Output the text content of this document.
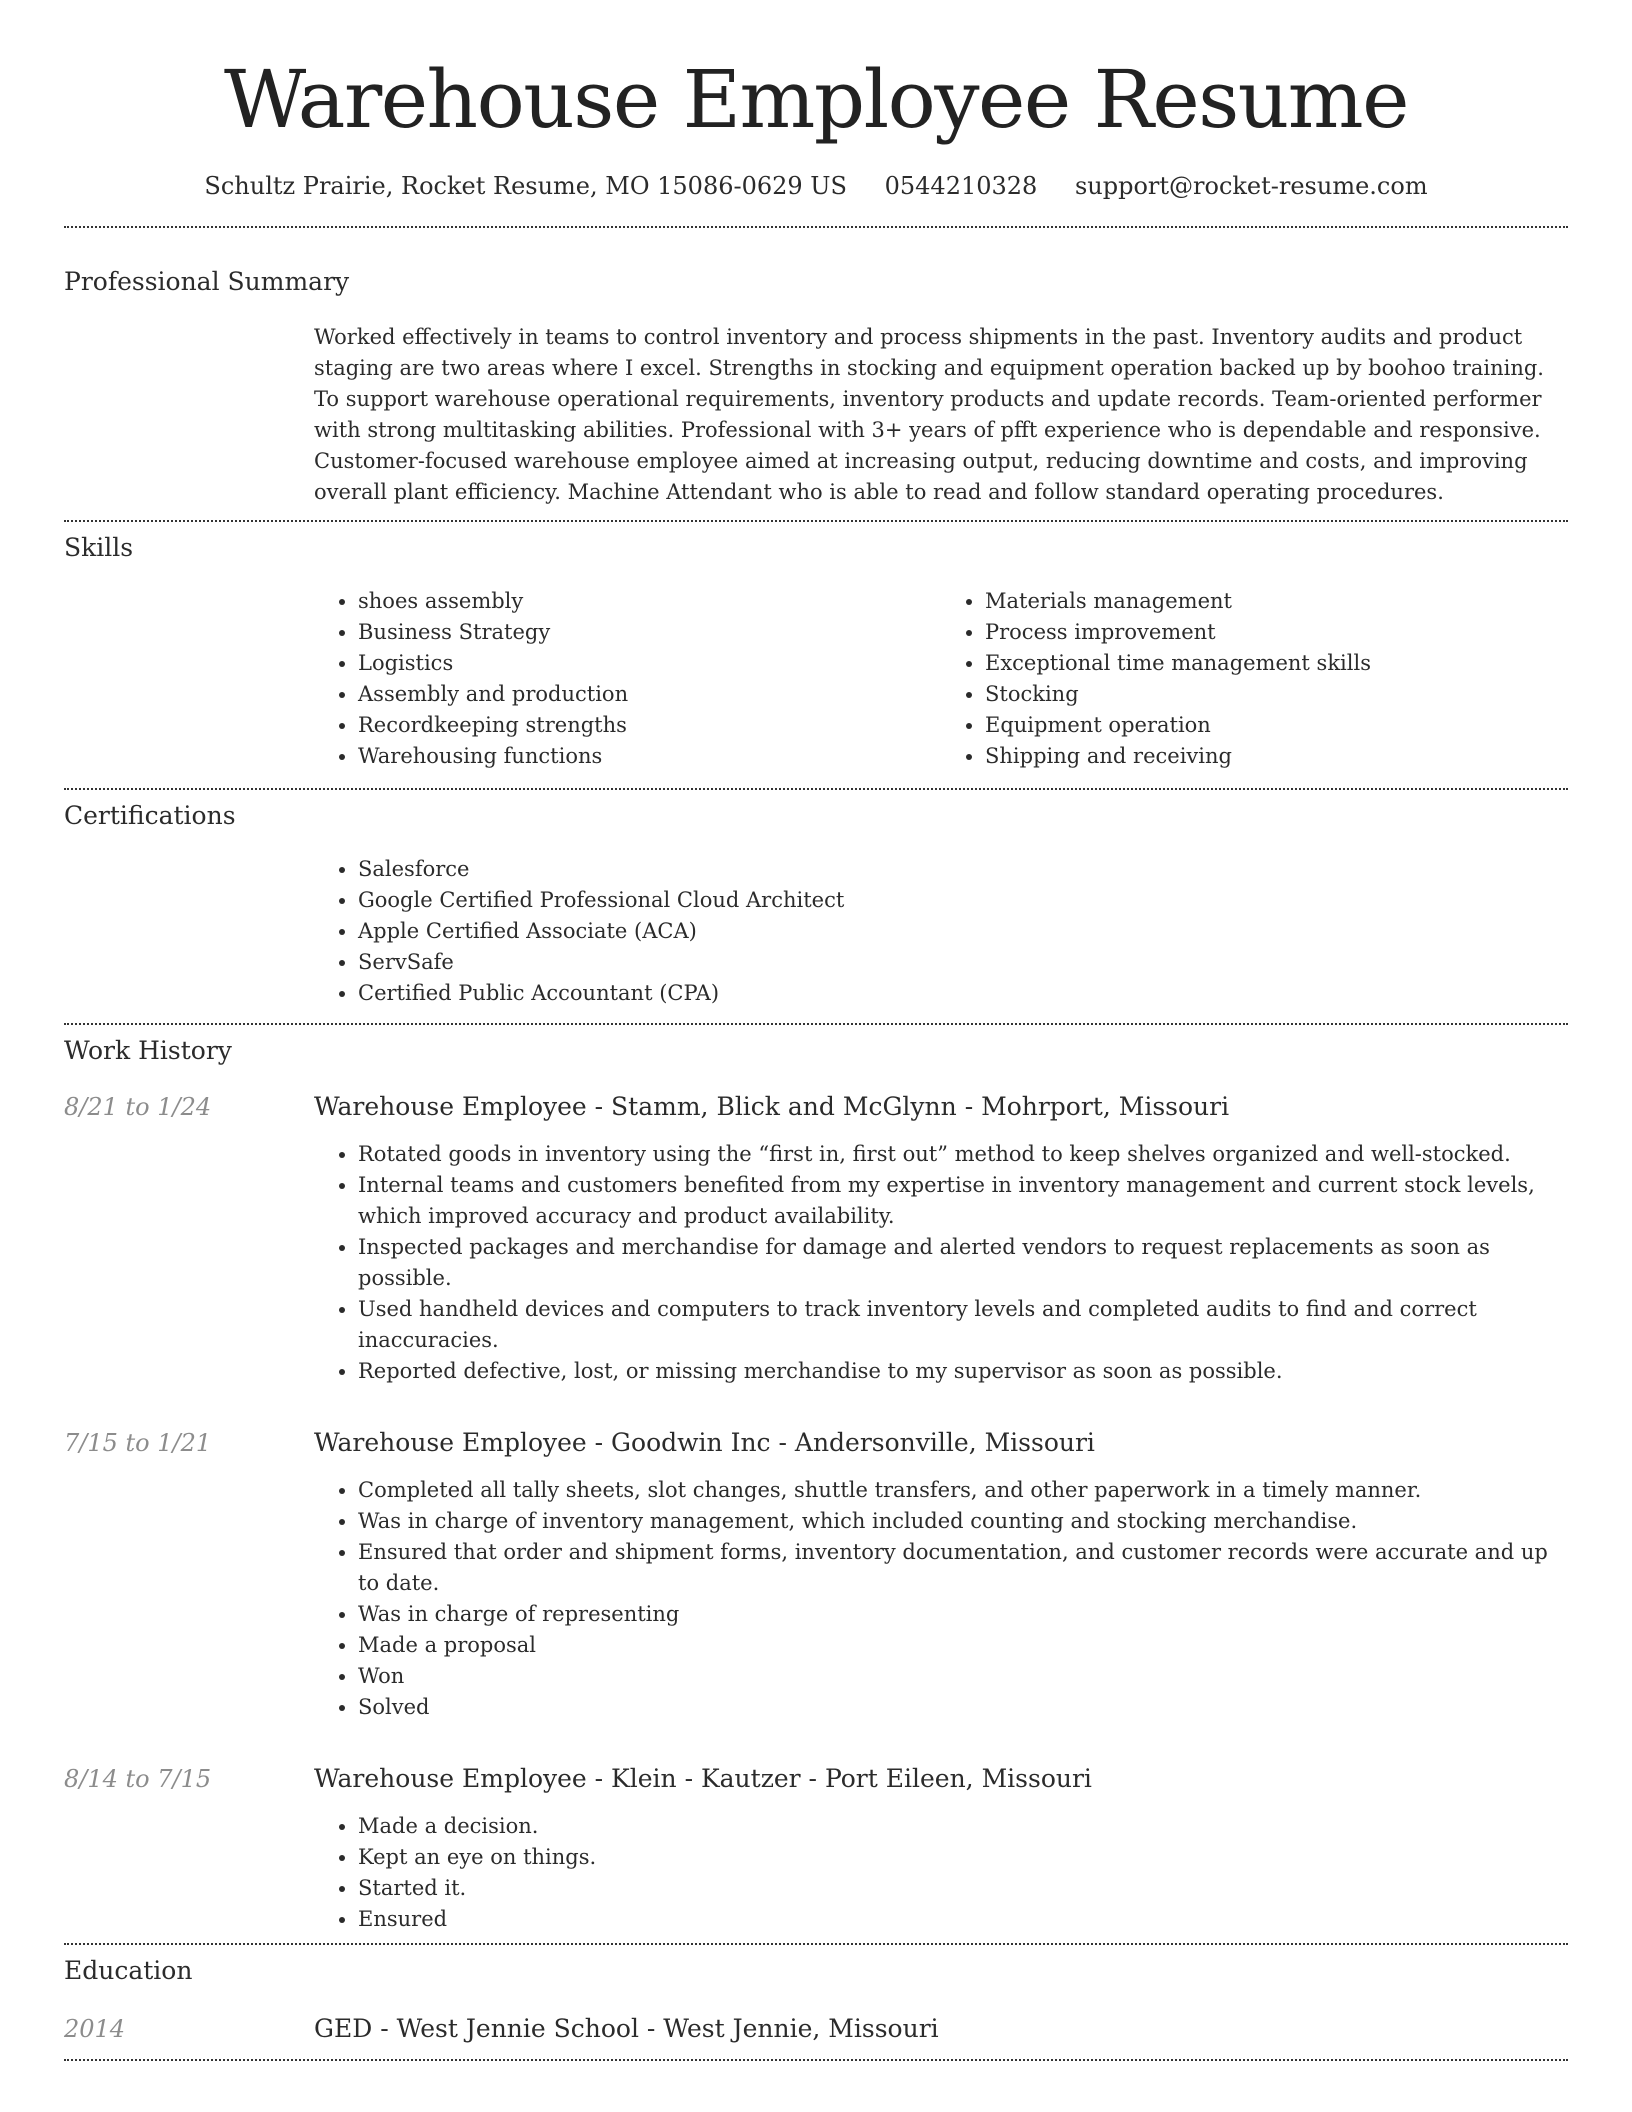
Warehouse Employee Resume
Schultz Prairie, Rocket Resume, MO 15086-0629 US 0544210328 support@rocket-resume.com
Professional Summary

Worked effectively in teams to control inventory and process shipments in the past. Inventory audits and product staging are two areas where I excel. Strengths in stocking and equipment operation backed up by boohoo training. To support warehouse operational requirements, inventory products and update records. Team-oriented performer with strong multitasking abilities. Professional with 3+ years of pfft experience who is dependable and responsive. Customer-focused warehouse employee aimed at increasing output, reducing downtime and costs, and improving overall plant efficiency. Machine Attendant who is able to read and follow standard operating procedures.

Skills
• shoes assembly
• Business Strategy
• Logistics
• Assembly and production
• Recordkeeping strengths
• Warehousing functions
• Materials management
• Process improvement
• Exceptional time management skills
• Stocking
• Equipment operation
• Shipping and receiving
Certifications
• Salesforce
• Google Certified Professional Cloud Architect
• Apple Certified Associate (ACA)
• ServSafe
• Certified Public Accountant (CPA)
Work History
8/21 to 1/24	Warehouse Employee - Stamm, Blick and McGlynn - Mohrport, Missouri
• Rotated goods in inventory using the “first in, first out” method to keep shelves organized and well-stocked.
• Internal teams and customers benefited from my expertise in inventory management and current stock levels, which improved accuracy and product availability.
• Inspected packages and merchandise for damage and alerted vendors to request replacements as soon as possible.
• Used handheld devices and computers to track inventory levels and completed audits to find and correct inaccuracies.
• Reported defective, lost, or missing merchandise to my supervisor as soon as possible.
7/15 to 1/21	Warehouse Employee - Goodwin Inc - Andersonville, Missouri
• Completed all tally sheets, slot changes, shuttle transfers, and other paperwork in a timely manner.
• Was in charge of inventory management, which included counting and stocking merchandise.
• Ensured that order and shipment forms, inventory documentation, and customer records were accurate and up to date.
• Was in charge of representing
• Made a proposal
• Won
• Solved
8/14 to 7/15	Warehouse Employee - Klein - Kautzer - Port Eileen, Missouri
• Made a decision.
• Kept an eye on things.
• Started it.
• Ensured
Education
2014	GED - West Jennie School - West Jennie, Missouri
